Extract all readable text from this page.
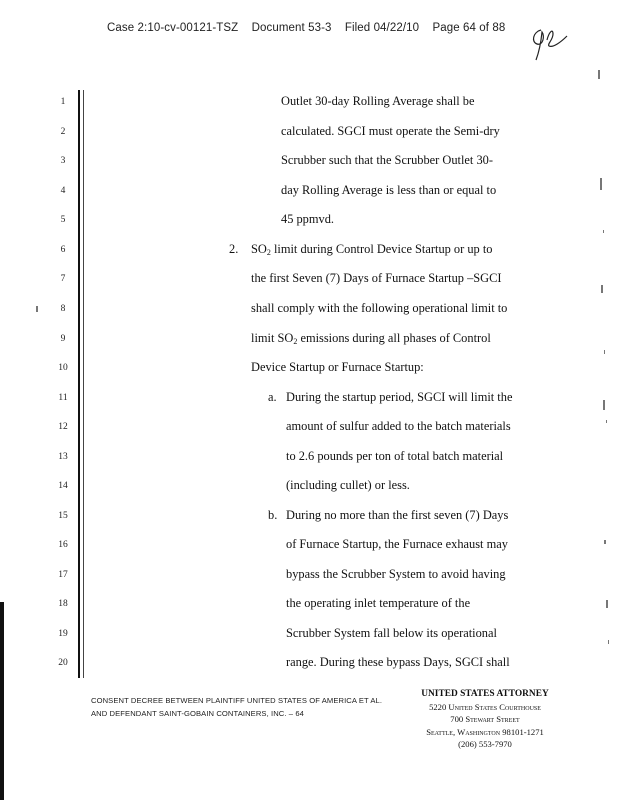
Case 2:10-cv-00121-TSZ Document 53-3 Filed 04/22/10 Page 64 of 88
1
2
3
4
5
6
7
8
9
10
11
12
13
14
15
16
17
18
19
20
Outlet 30-day Rolling Average shall be
calculated. SGCI must operate the Semi-dry
Scrubber such that the Scrubber Outlet 30-
day Rolling Average is less than or equal to
45 ppmvd.
2. $SO_2$ limit during Control Device Startup or up to
the first Seven (7) Days of Furnace Startup –SGCI
shall comply with the following operational limit to
limit $SO_2$ emissions during all phases of Control
Device Startup or Furnace Startup:
a. During the startup period, SGCI will limit the
amount of sulfur added to the batch materials
to 2.6 pounds per ton of total batch material
(including cullet) or less.
b. During no more than the first seven (7) Days
of Furnace Startup, the Furnace exhaust may
bypass the Scrubber System to avoid having
the operating inlet temperature of the
Scrubber System fall below its operational
range. During these bypass Days, SGCI shall
CONSENT DECREE BETWEEN PLAINTIFF UNITED STATES OF AMERICA ET AL.
AND DEFENDANT SAINT-GOBAIN CONTAINERS, INC. – 64
UNITED STATES ATTORNEY
5220 United States Courthouse
700 Stewart Street
Seattle, Washington 98101-1271
(206) 553-7970
